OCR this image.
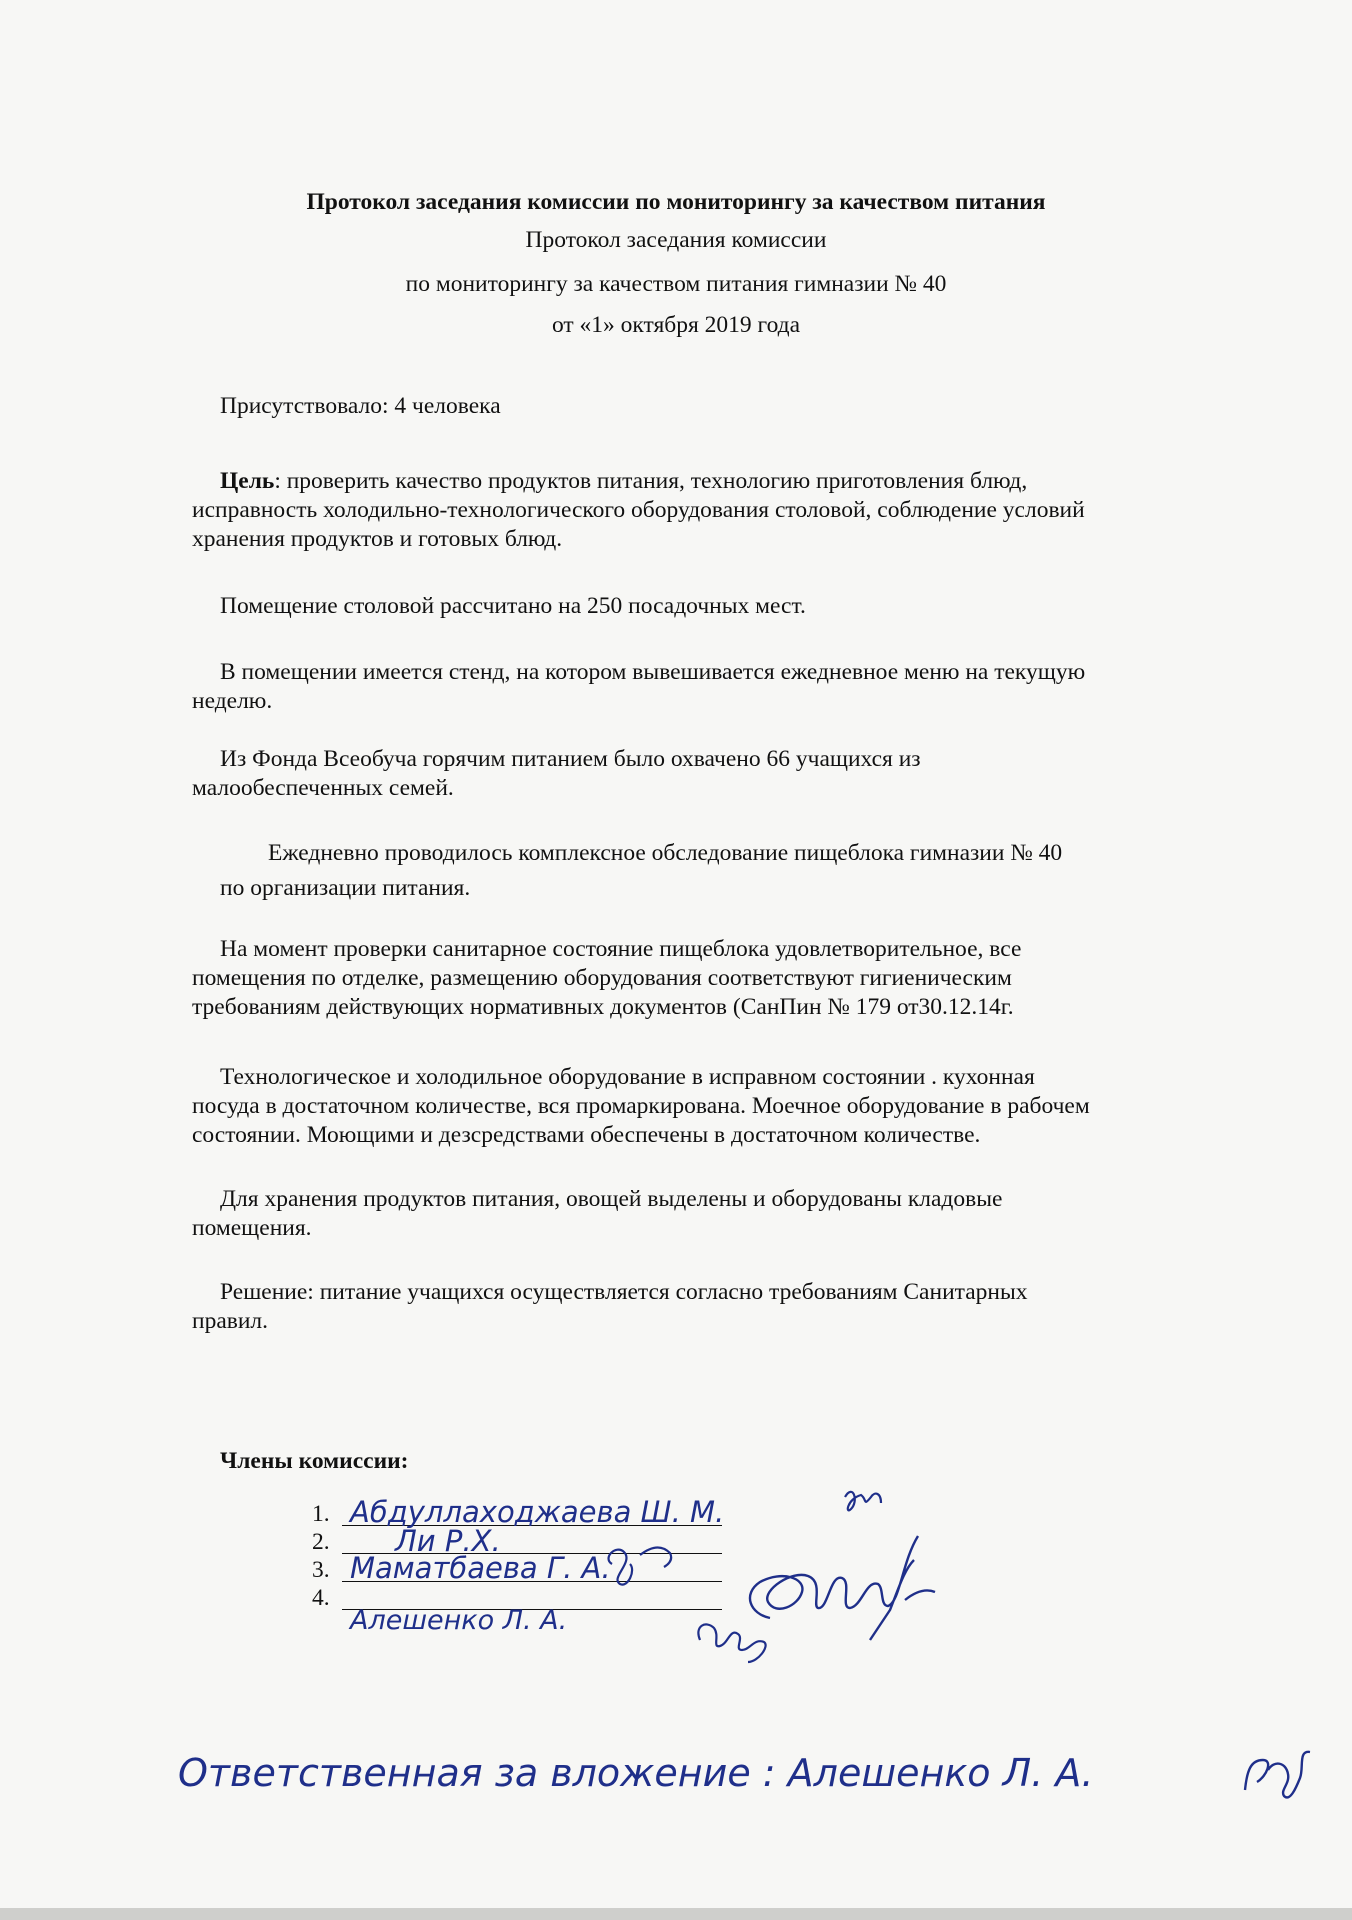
Протокол заседания комиссии по мониторингу за качеством питания
Протокол заседания комиссии
по мониторингу за качеством питания гимназии № 40
от «1» октября 2019 года
Присутствовало: 4 человека
Цель: проверить качество продуктов питания, технологию приготовления блюд,
исправность холодильно-технологического оборудования столовой, соблюдение условий
хранения продуктов и готовых блюд.
Помещение столовой рассчитано на 250 посадочных мест.
В помещении имеется стенд, на котором вывешивается ежедневное меню на текущую
неделю.
Из Фонда Всеобуча горячим питанием было охвачено 66 учащихся из
малообеспеченных семей.
Ежедневно проводилось комплексное обследование пищеблока гимназии № 40
по организации питания.
На момент проверки санитарное состояние пищеблока удовлетворительное, все
помещения по отделке, размещению оборудования соответствуют гигиеническим
требованиям действующих нормативных документов (СанПин № 179 от30.12.14г.
Технологическое и холодильное оборудование в исправном состоянии . кухонная
посуда в достаточном количестве, вся промаркирована. Моечное оборудование в рабочем
состоянии. Моющими и дезсредствами обеспечены в достаточном количестве.
Для хранения продуктов питания, овощей выделены и оборудованы кладовые
помещения.
Решение: питание учащихся осуществляется согласно требованиям Санитарных
правил.
Члены комиссии:
1.
2.
3.
4.
Абдуллаходжаева Ш. М.
Ли Р.Х.
Маматбаева Г. А.
Алешенко Л. А.
Ответственная за вложение : Алешенко Л. А.
